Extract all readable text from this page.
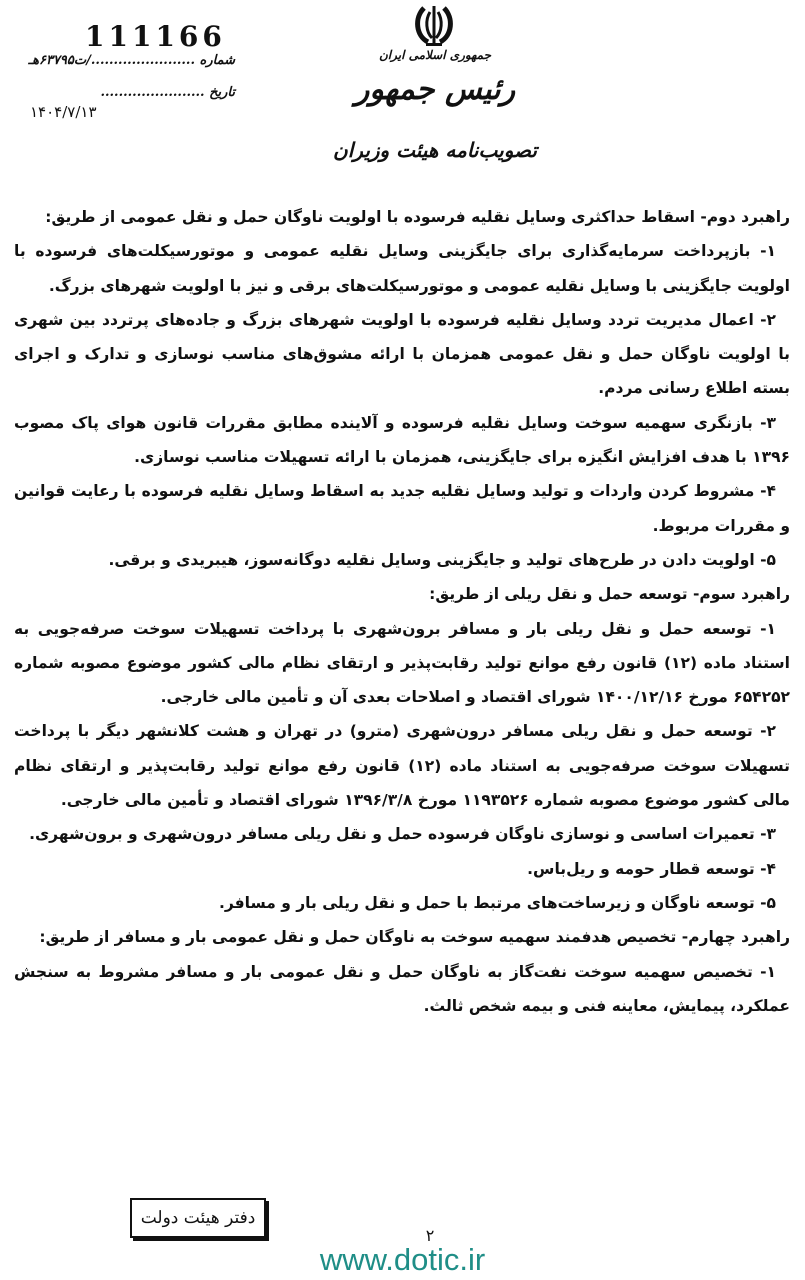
جمهوری اسلامی ایران
رئیس جمهور
تصویب‌نامه هیئت وزیران
111166
شماره ......................./ت۶۳۷۹۵هـ
تاریخ .......................
۱۴۰۴/۷/۱۳

راهبرد دوم- اسقاط حداکثری وسایل نقلیه فرسوده با اولویت ناوگان حمل و نقل عمومی از طریق:

۱- بازپرداخت سرمایه‌گذاری برای جایگزینی وسایل نقلیه عمومی و موتورسیکلت‌های فرسوده با اولویت جایگزینی با وسایل نقلیه عمومی و موتورسیکلت‌های برقی و نیز با اولویت شهرهای بزرگ.

۲- اعمال مدیریت تردد وسایل نقلیه فرسوده با اولویت شهرهای بزرگ و جاده‌های پرتردد بین شهری با اولویت ناوگان حمل و نقل عمومی همزمان با ارائه مشوق‌های مناسب نوسازی و تدارک و اجرای بسته اطلاع رسانی مردم.

۳- بازنگری سهمیه سوخت وسایل نقلیه فرسوده و آلاینده مطابق مقررات قانون هوای پاک مصوب ۱۳۹۶ با هدف افزایش انگیزه برای جایگزینی، همزمان با ارائه تسهیلات مناسب نوسازی.

۴- مشروط کردن واردات و تولید وسایل نقلیه جدید به اسقاط وسایل نقلیه فرسوده با رعایت قوانین و مقررات مربوط.

۵- اولویت دادن در طرح‌های تولید و جایگزینی وسایل نقلیه دوگانه‌سوز، هیبریدی و برقی.

راهبرد سوم- توسعه حمل و نقل ریلی از طریق:

۱- توسعه حمل و نقل ریلی بار و مسافر برون‌شهری با پرداخت تسهیلات سوخت صرفه‌جویی به استناد ماده (۱۲) قانون رفع موانع تولید رقابت‌پذیر و ارتقای نظام مالی کشور موضوع مصوبه شماره ۶۵۴۲۵۲ مورخ ۱۴۰۰/۱۲/۱۶ شورای اقتصاد و اصلاحات بعدی آن و تأمین مالی خارجی.

۲- توسعه حمل و نقل ریلی مسافر درون‌شهری (مترو) در تهران و هشت کلانشهر دیگر با پرداخت تسهیلات سوخت صرفه‌جویی به استناد ماده (۱۲) قانون رفع موانع تولید رقابت‌پذیر و ارتقای نظام مالی کشور موضوع مصوبه شماره ۱۱۹۳۵۲۶ مورخ ۱۳۹۶/۳/۸ شورای اقتصاد و تأمین مالی خارجی.

۳- تعمیرات اساسی و نوسازی ناوگان فرسوده حمل و نقل ریلی مسافر درون‌شهری و برون‌شهری.

۴- توسعه قطار حومه و ریل‌باس.

۵- توسعه ناوگان و زیرساخت‌های مرتبط با حمل و نقل ریلی بار و مسافر.

راهبرد چهارم- تخصیص هدفمند سهمیه سوخت به ناوگان حمل و نقل عمومی بار و مسافر از طریق:

۱- تخصیص سهمیه سوخت نفت‌گاز به ناوگان حمل و نقل عمومی بار و مسافر مشروط به سنجش عملکرد، پیمایش، معاینه فنی و بیمه شخص ثالث.

دفتر هیئت دولت
۲
www.dotic.ir
